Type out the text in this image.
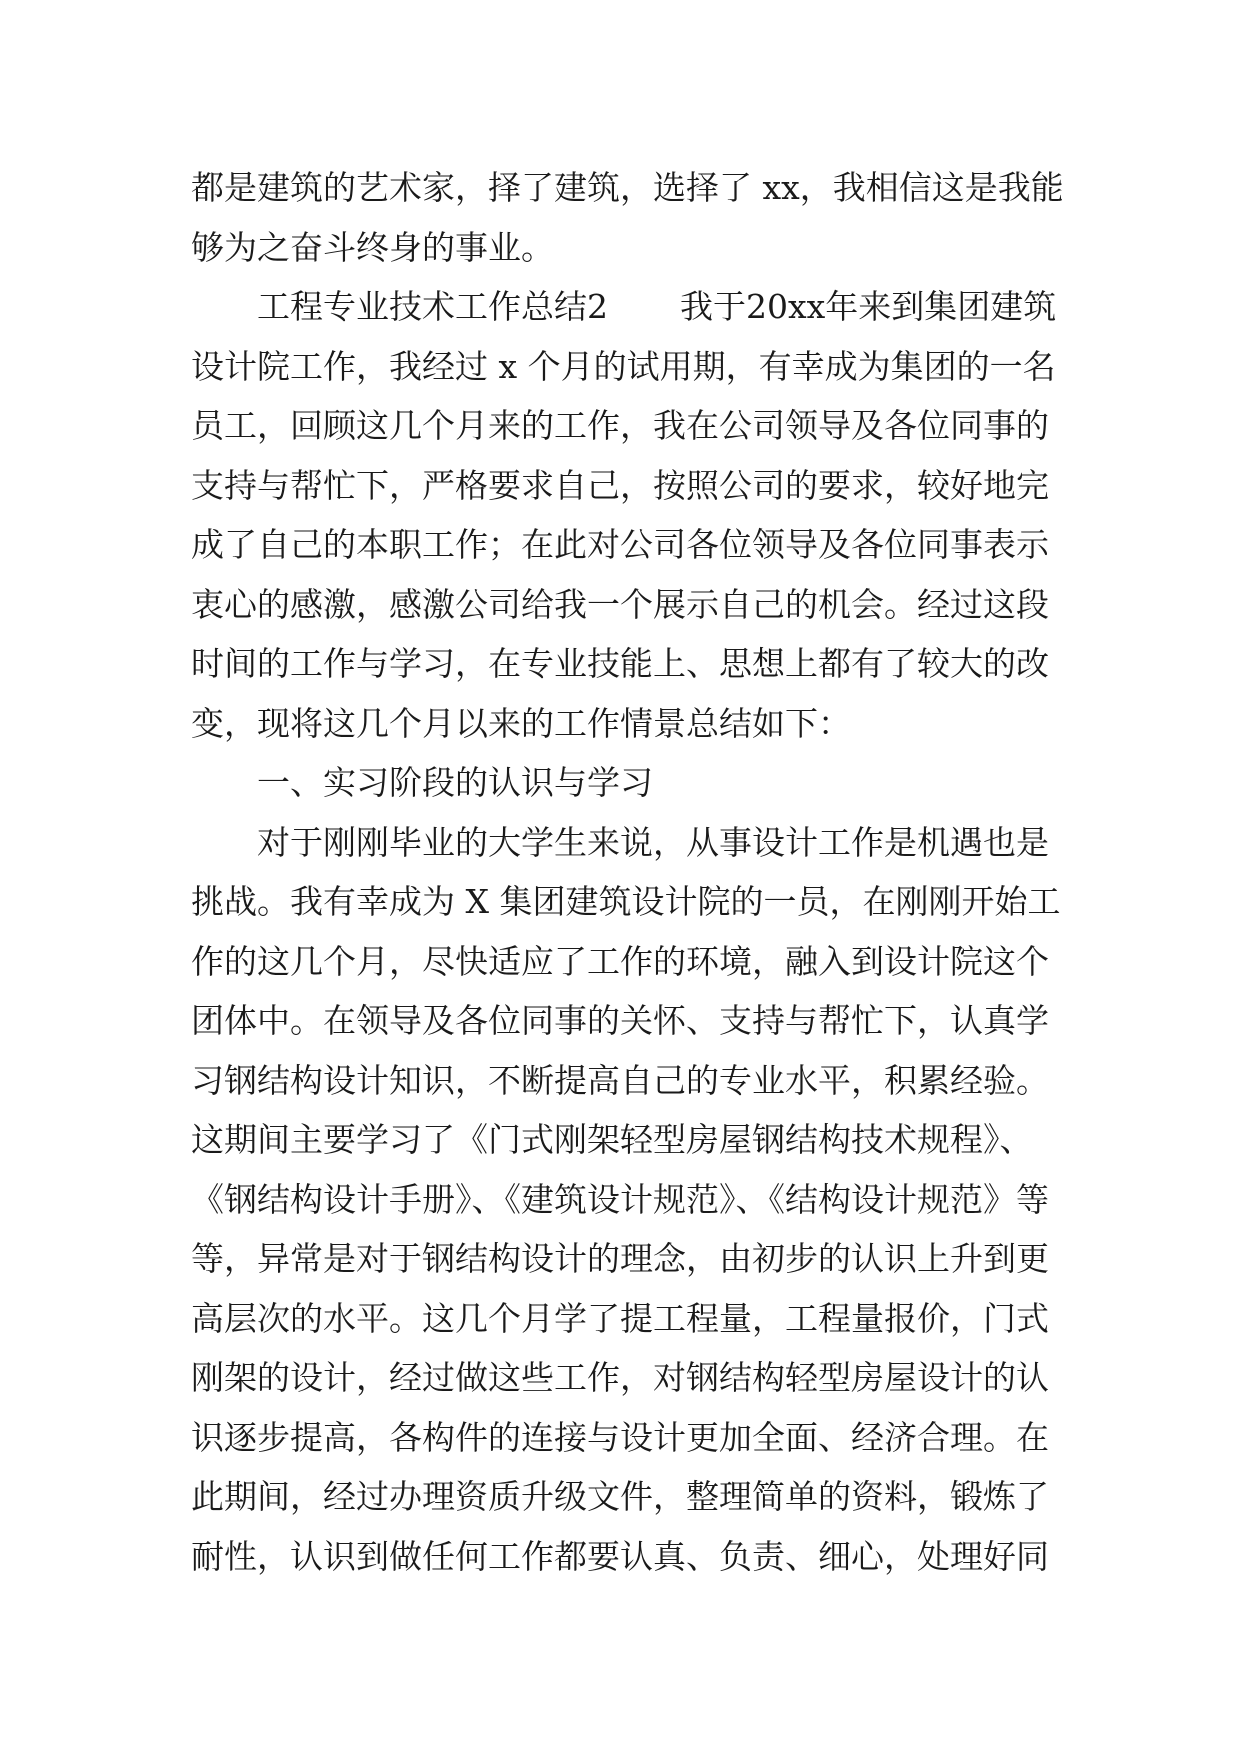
都是建筑的艺术家，择了建筑，选择了 xx，我相信这是我能
够为之奋斗终身的事业。
工程专业技术工作总结2 我于20xx年来到集团建筑
设计院工作，我经过 x 个月的试用期，有幸成为集团的一名
员工，回顾这几个月来的工作，我在公司领导及各位同事的
支持与帮忙下，严格要求自己，按照公司的要求，较好地完
成了自己的本职工作；在此对公司各位领导及各位同事表示
衷心的感激，感激公司给我一个展示自己的机会。经过这段
时间的工作与学习，在专业技能上、思想上都有了较大的改
变，现将这几个月以来的工作情景总结如下：
一、实习阶段的认识与学习
对于刚刚毕业的大学生来说，从事设计工作是机遇也是
挑战。我有幸成为 X 集团建筑设计院的一员，在刚刚开始工
作的这几个月，尽快适应了工作的环境，融入到设计院这个
团体中。在领导及各位同事的关怀、支持与帮忙下，认真学
习钢结构设计知识，不断提高自己的专业水平，积累经验。
这期间主要学习了《门式刚架轻型房屋钢结构技术规程》、
《钢结构设计手册》、《建筑设计规范》、《结构设计规范》等
等，异常是对于钢结构设计的理念，由初步的认识上升到更
高层次的水平。这几个月学了提工程量，工程量报价，门式
刚架的设计，经过做这些工作，对钢结构轻型房屋设计的认
识逐步提高，各构件的连接与设计更加全面、经济合理。在
此期间，经过办理资质升级文件，整理简单的资料，锻炼了
耐性，认识到做任何工作都要认真、负责、细心，处理好同
